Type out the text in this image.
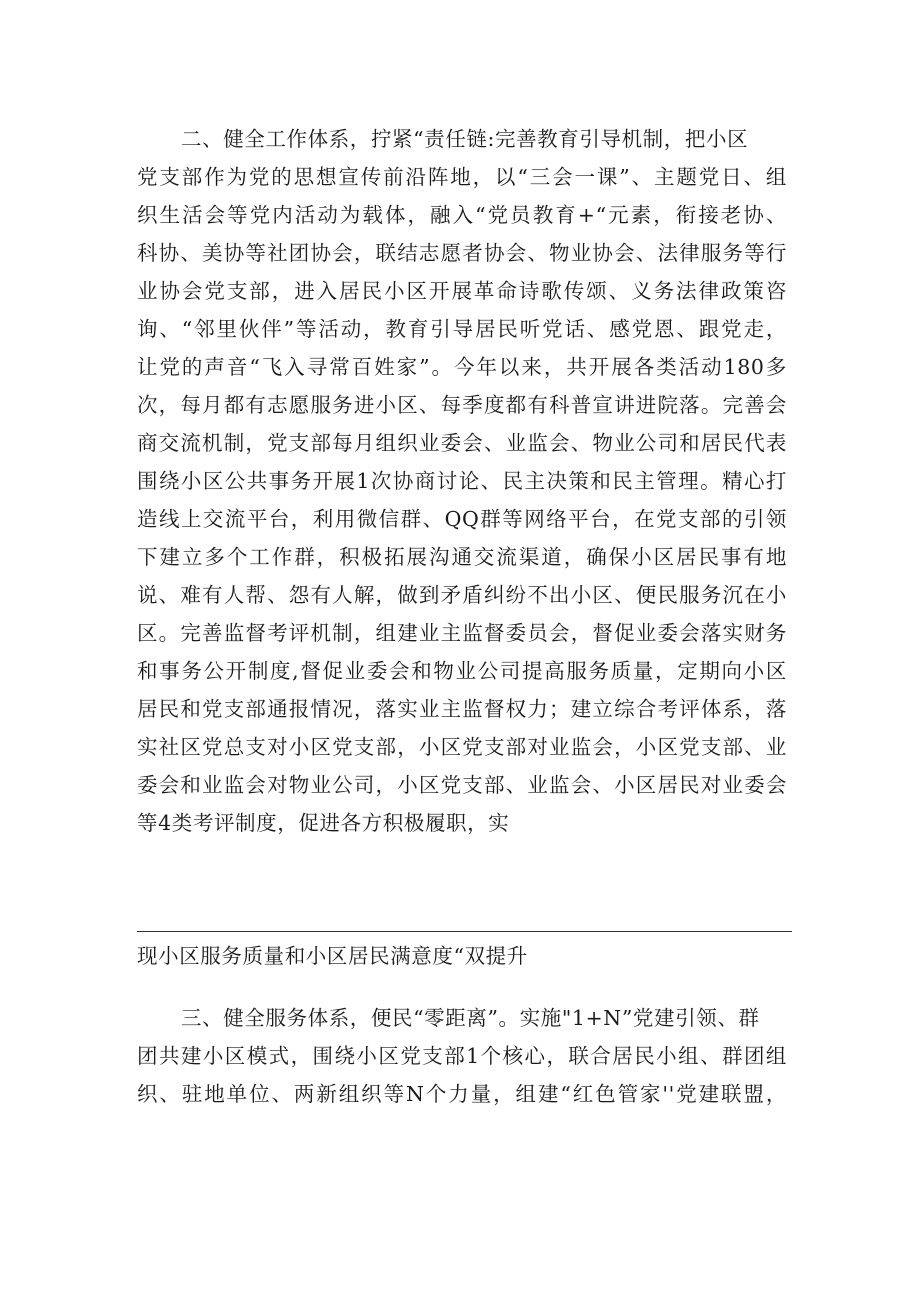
二、健全工作体系，拧紧“责任链:完善教育引导机制，把小区
党支部作为党的思想宣传前沿阵地，以“三会一课”、主题党日、组
织生活会等党内活动为载体，融入“党员教育+“元素，衔接老协、
科协、美协等社团协会，联结志愿者协会、物业协会、法律服务等行
业协会党支部，进入居民小区开展革命诗歌传颂、义务法律政策咨
询、“邻里伙伴”等活动，教育引导居民听党话、感党恩、跟党走，
让党的声音“飞入寻常百姓家”。今年以来，共开展各类活动180多
次，每月都有志愿服务进小区、每季度都有科普宣讲进院落。完善会
商交流机制，党支部每月组织业委会、业监会、物业公司和居民代表
围绕小区公共事务开展1次协商讨论、民主决策和民主管理。精心打
造线上交流平台，利用微信群、QQ群等网络平台，在党支部的引领
下建立多个工作群，积极拓展沟通交流渠道，确保小区居民事有地
说、难有人帮、怨有人解，做到矛盾纠纷不出小区、便民服务沉在小
区。完善监督考评机制，组建业主监督委员会，督促业委会落实财务
和事务公开制度,督促业委会和物业公司提高服务质量，定期向小区
居民和党支部通报情况，落实业主监督权力；建立综合考评体系，落
实社区党总支对小区党支部，小区党支部对业监会，小区党支部、业
委会和业监会对物业公司，小区党支部、业监会、小区居民对业委会
等4类考评制度，促进各方积极履职，实
现小区服务质量和小区居民满意度“双提升
三、健全服务体系，便民“零距离”。实施"1+N”党建引领、群
团共建小区模式，围绕小区党支部1个核心，联合居民小组、群团组
织、驻地单位、两新组织等N个力量，组建“红色管家''党建联盟，
